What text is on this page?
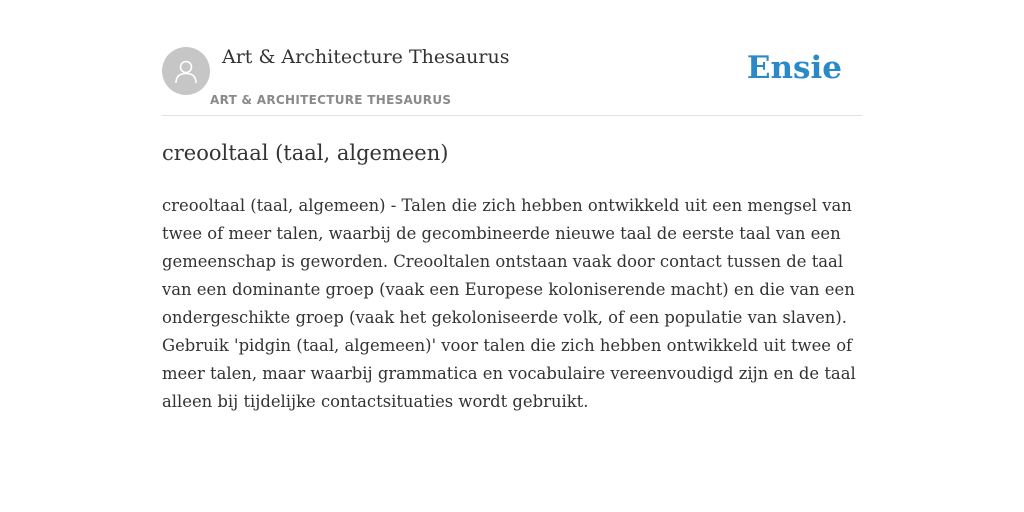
Art & Architecture Thesaurus
ART & ARCHITECTURE THESAURUS
Ensie
creooltaal (taal, algemeen)

creooltaal (taal, algemeen) - Talen die zich hebben ontwikkeld uit een mengsel van twee of meer talen, waarbij de gecombineerde nieuwe taal de eerste taal van een gemeenschap is geworden. Creooltalen ontstaan vaak door contact tussen de taal van een dominante groep (vaak een Europese koloniserende macht) en die van een ondergeschikte groep (vaak het gekoloniseerde volk, of een populatie van slaven). Gebruik 'pidgin (taal, algemeen)' voor talen die zich hebben ontwikkeld uit twee of meer talen, maar waarbij grammatica en vocabulaire vereenvoudigd zijn en de taal alleen bij tijdelijke contactsituaties wordt gebruikt.
